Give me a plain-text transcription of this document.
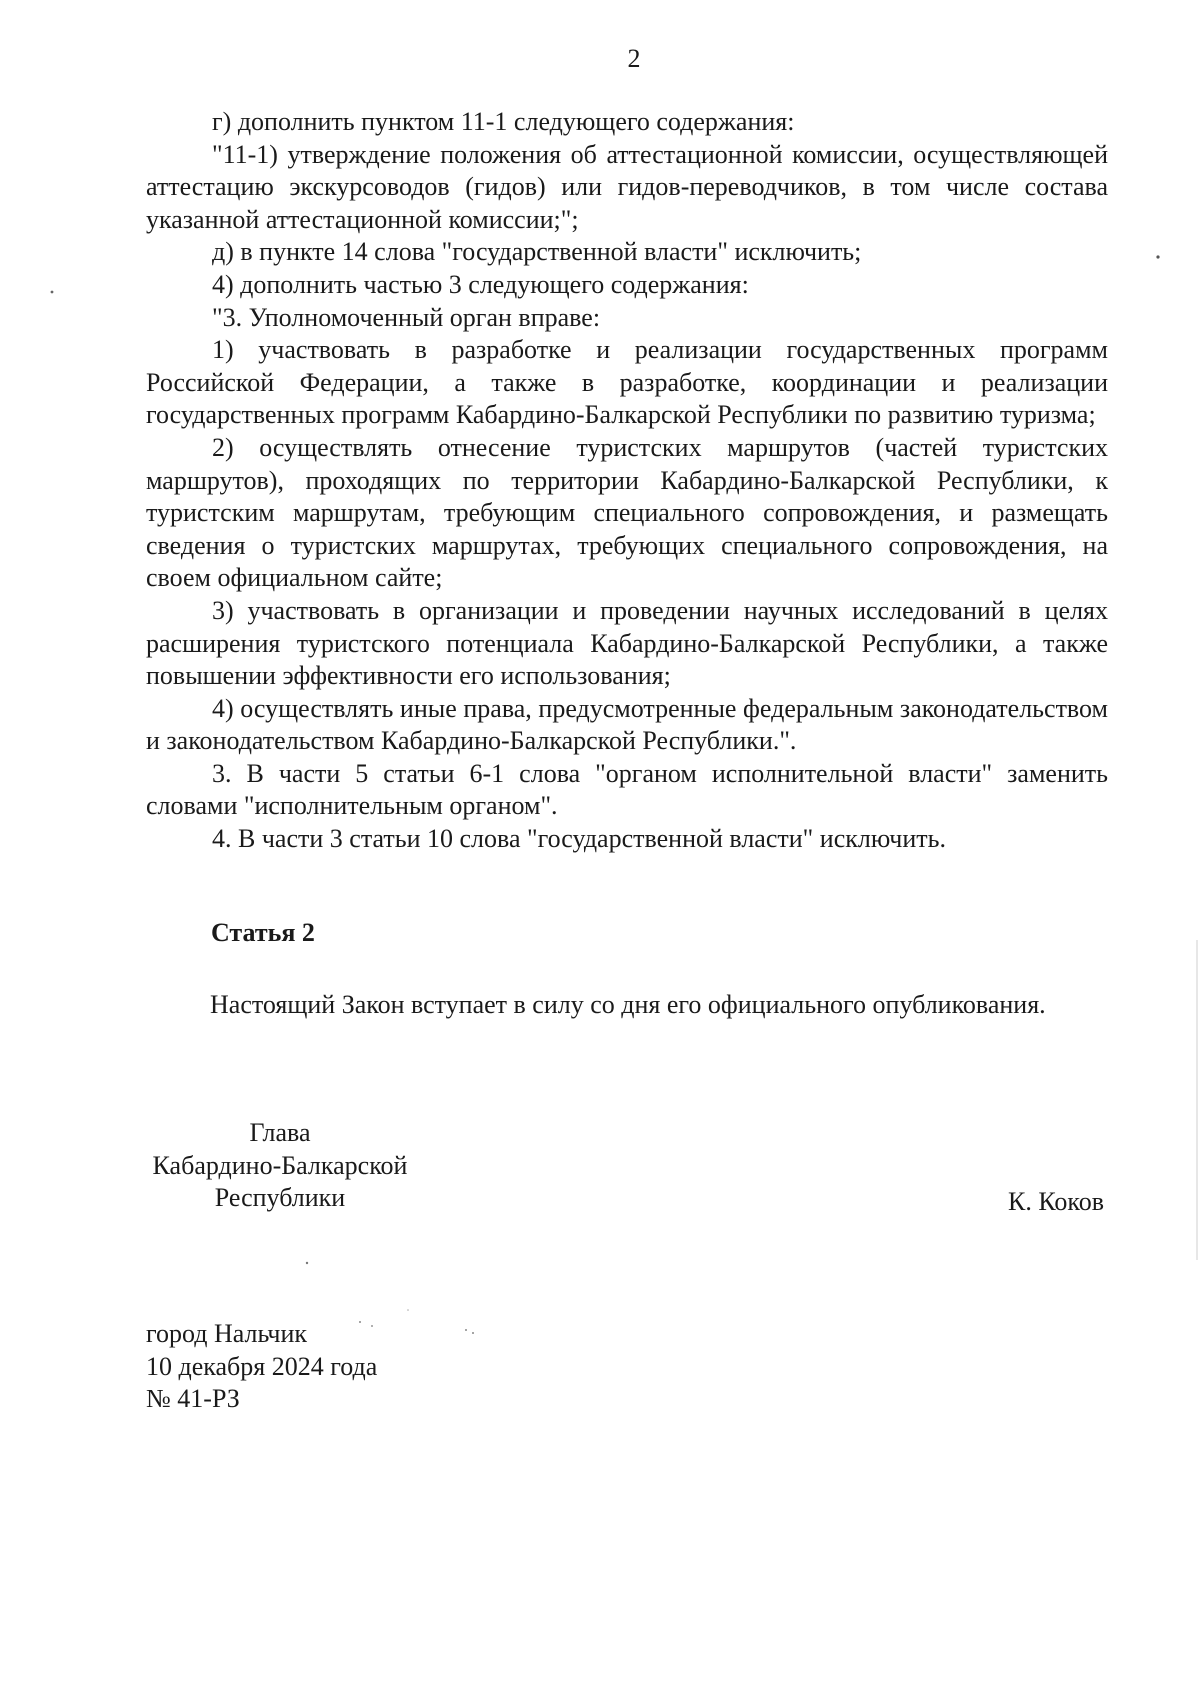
2

г) дополнить пунктом 11-1 следующего содержания:

"11-1) утверждение положения об аттестационной комиссии, осуществляющей аттестацию экскурсоводов (гидов) или гидов-переводчиков, в том числе состава указанной аттестационной комиссии;";

д) в пункте 14 слова "государственной власти" исключить;

4) дополнить частью 3 следующего содержания:

"3. Уполномоченный орган вправе:

1) участвовать в разработке и реализации государственных программ Российской Федерации, а также в разработке, координации и реализации государственных программ Кабардино-Балкарской Республики по развитию туризма;

2) осуществлять отнесение туристских маршрутов (частей туристских маршрутов), проходящих по территории Кабардино-Балкарской Республики, к туристским маршрутам, требующим специального сопровождения, и размещать сведения о туристских маршрутах, требующих специального сопровождения, на своем официальном сайте;

3) участвовать в организации и проведении научных исследований в целях расширения туристского потенциала Кабардино-Балкарской Республики, а также повышении эффективности его использования;

4) осуществлять иные права, предусмотренные федеральным законодательством и законодательством Кабардино-Балкарской Республики.".

3. В части 5 статьи 6-1 слова "органом исполнительной власти" заменить словами "исполнительным органом".

4. В части 3 статьи 10 слова "государственной власти" исключить.

Статья 2

Настоящий Закон вступает в силу со дня его официального опубликования.

Глава
Кабардино-Балкарской
Республики	К. Коков
город Нальчик
10 декабря 2024 года
№ 41-РЗ
